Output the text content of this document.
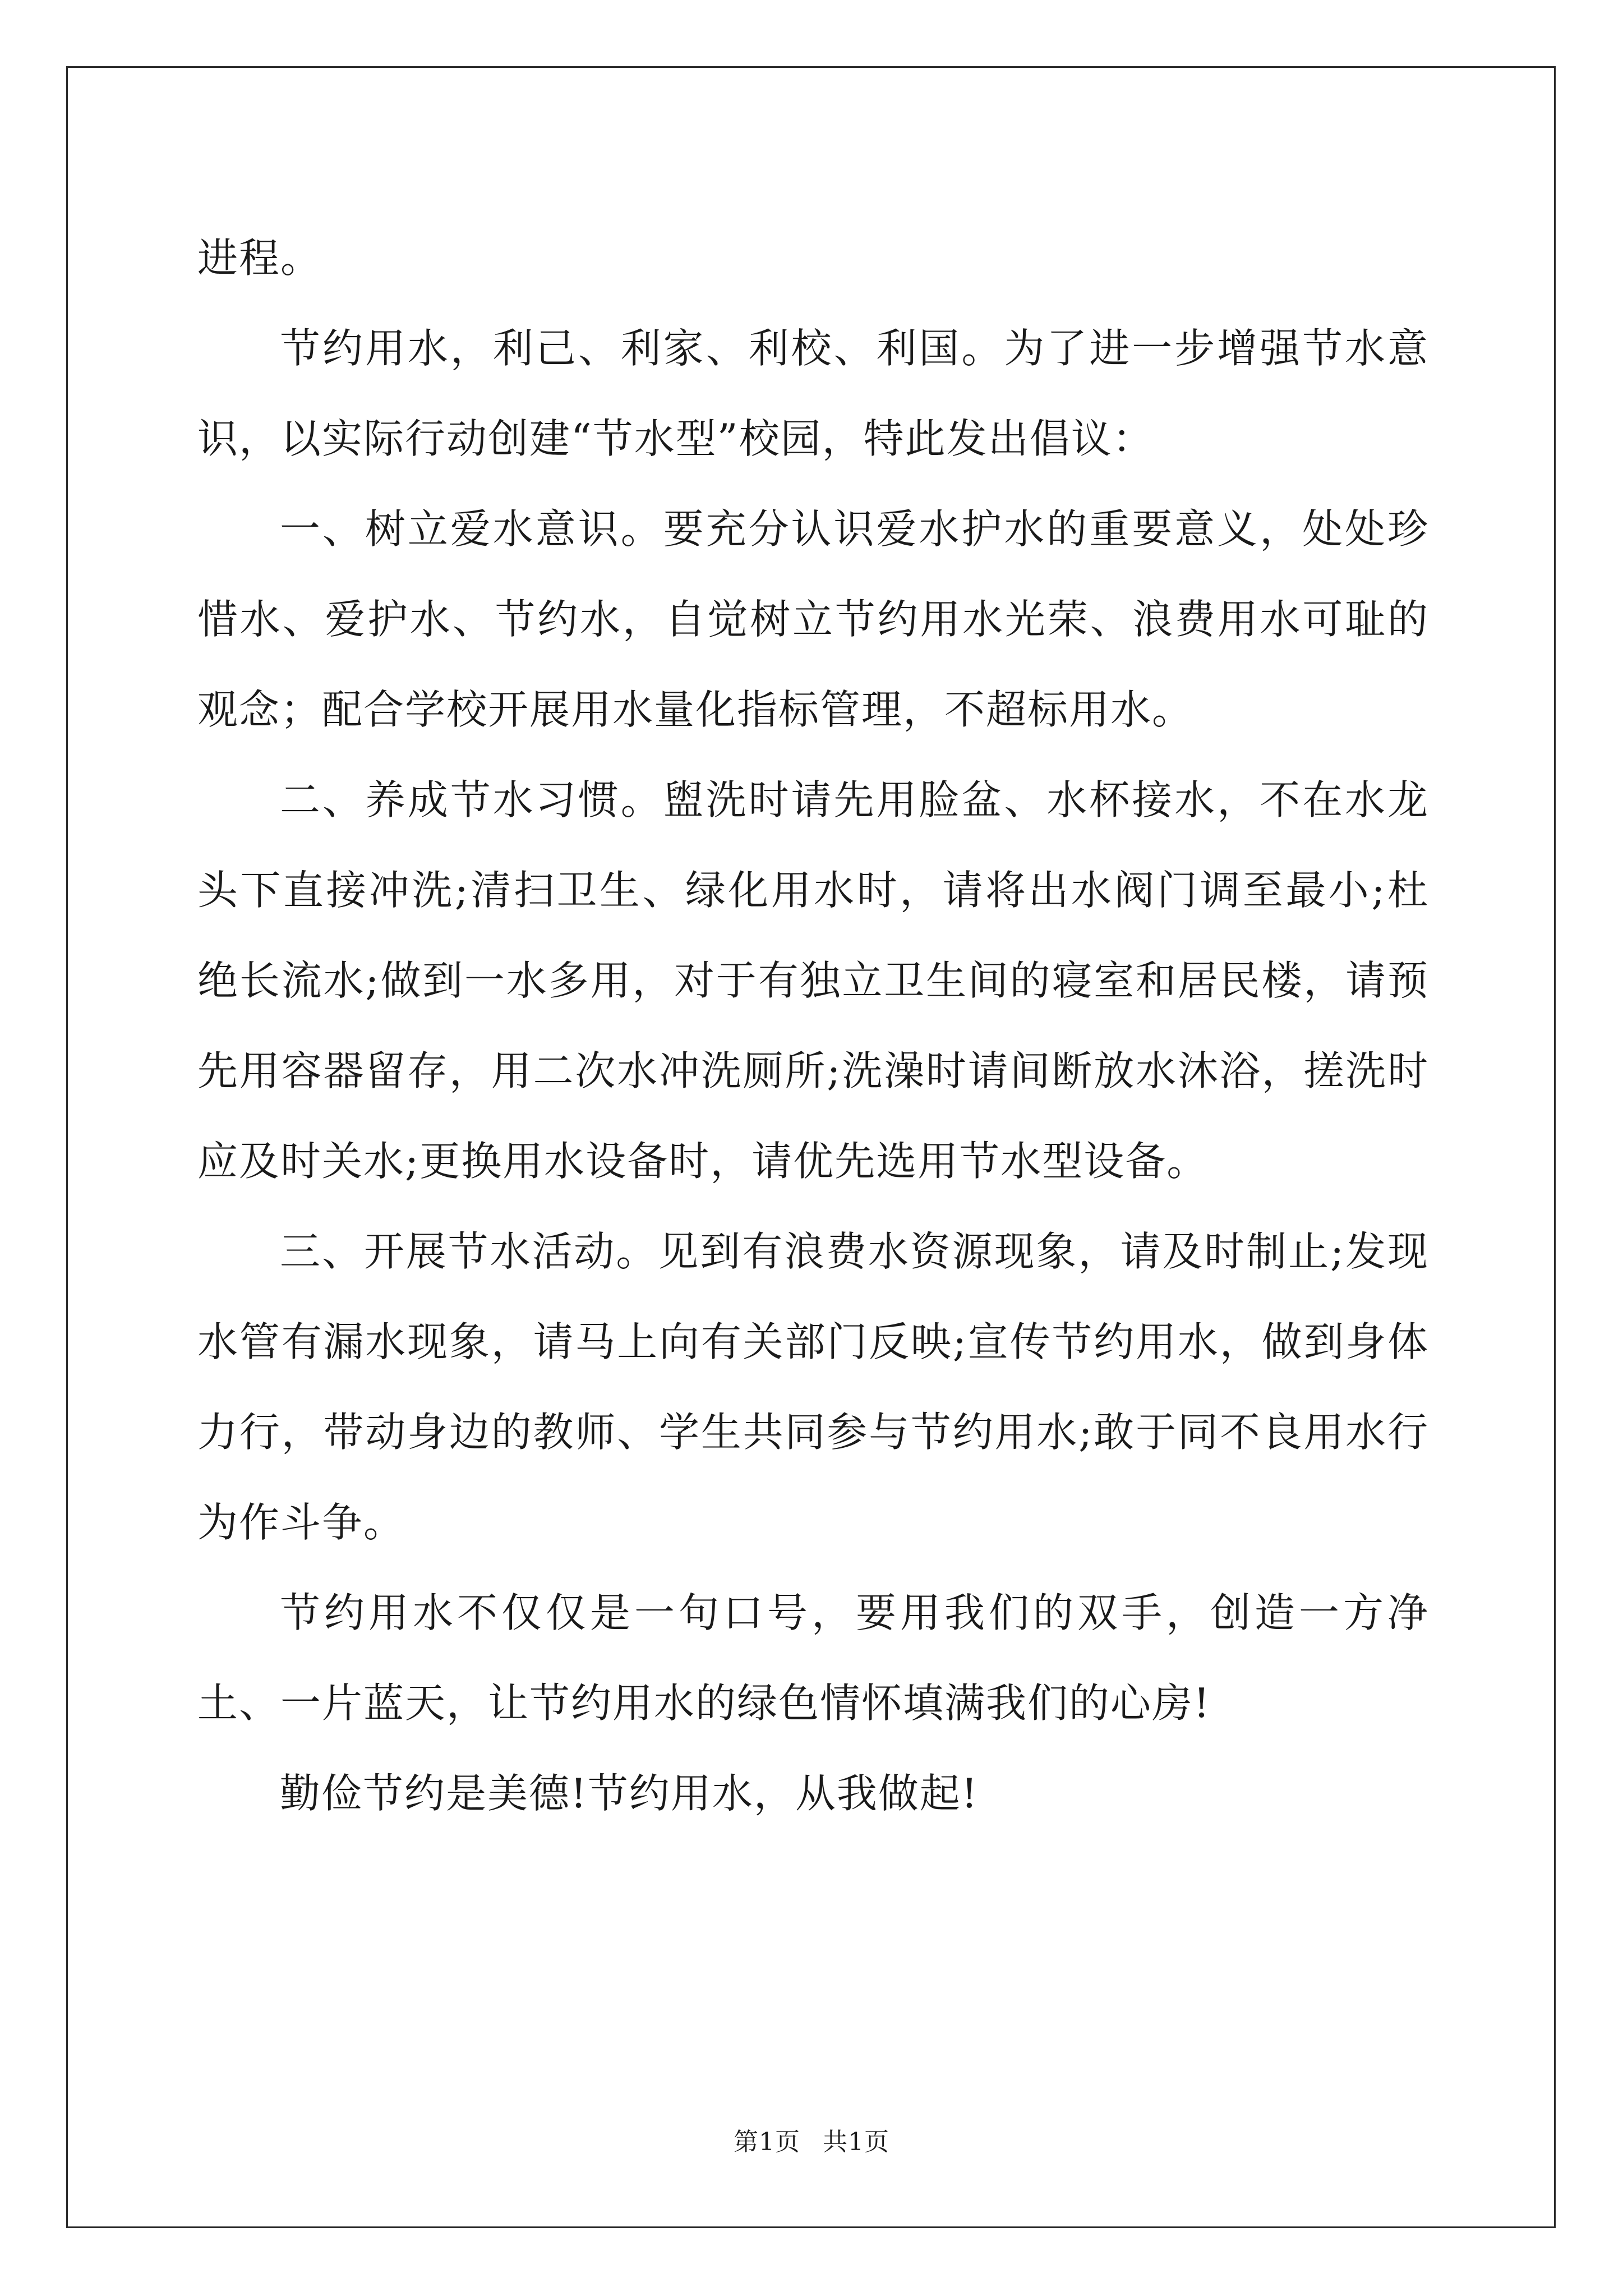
进程。

节约用水，利己、利家、利校、利国。为了进一步增强节水意识，以实际行动创建“节水型”校园，特此发出倡议：

一、树立爱水意识。要充分认识爱水护水的重要意义，处处珍惜水、爱护水、节约水，自觉树立节约用水光荣、浪费用水可耻的观念；配合学校开展用水量化指标管理，不超标用水。

二、养成节水习惯。盥洗时请先用脸盆、水杯接水，不在水龙头下直接冲洗;清扫卫生、绿化用水时，请将出水阀门调至最小;杜绝长流水;做到一水多用，对于有独立卫生间的寝室和居民楼，请预先用容器留存，用二次水冲洗厕所;洗澡时请间断放水沐浴，搓洗时应及时关水;更换用水设备时，请优先选用节水型设备。

三、开展节水活动。见到有浪费水资源现象，请及时制止;发现水管有漏水现象，请马上向有关部门反映;宣传节约用水，做到身体力行，带动身边的教师、学生共同参与节约用水;敢于同不良用水行为作斗争。

节约用水不仅仅是一句口号，要用我们的双手，创造一方净土、一片蓝天，让节约用水的绿色情怀填满我们的心房!

勤俭节约是美德!节约用水，从我做起!

第1页 共1页
